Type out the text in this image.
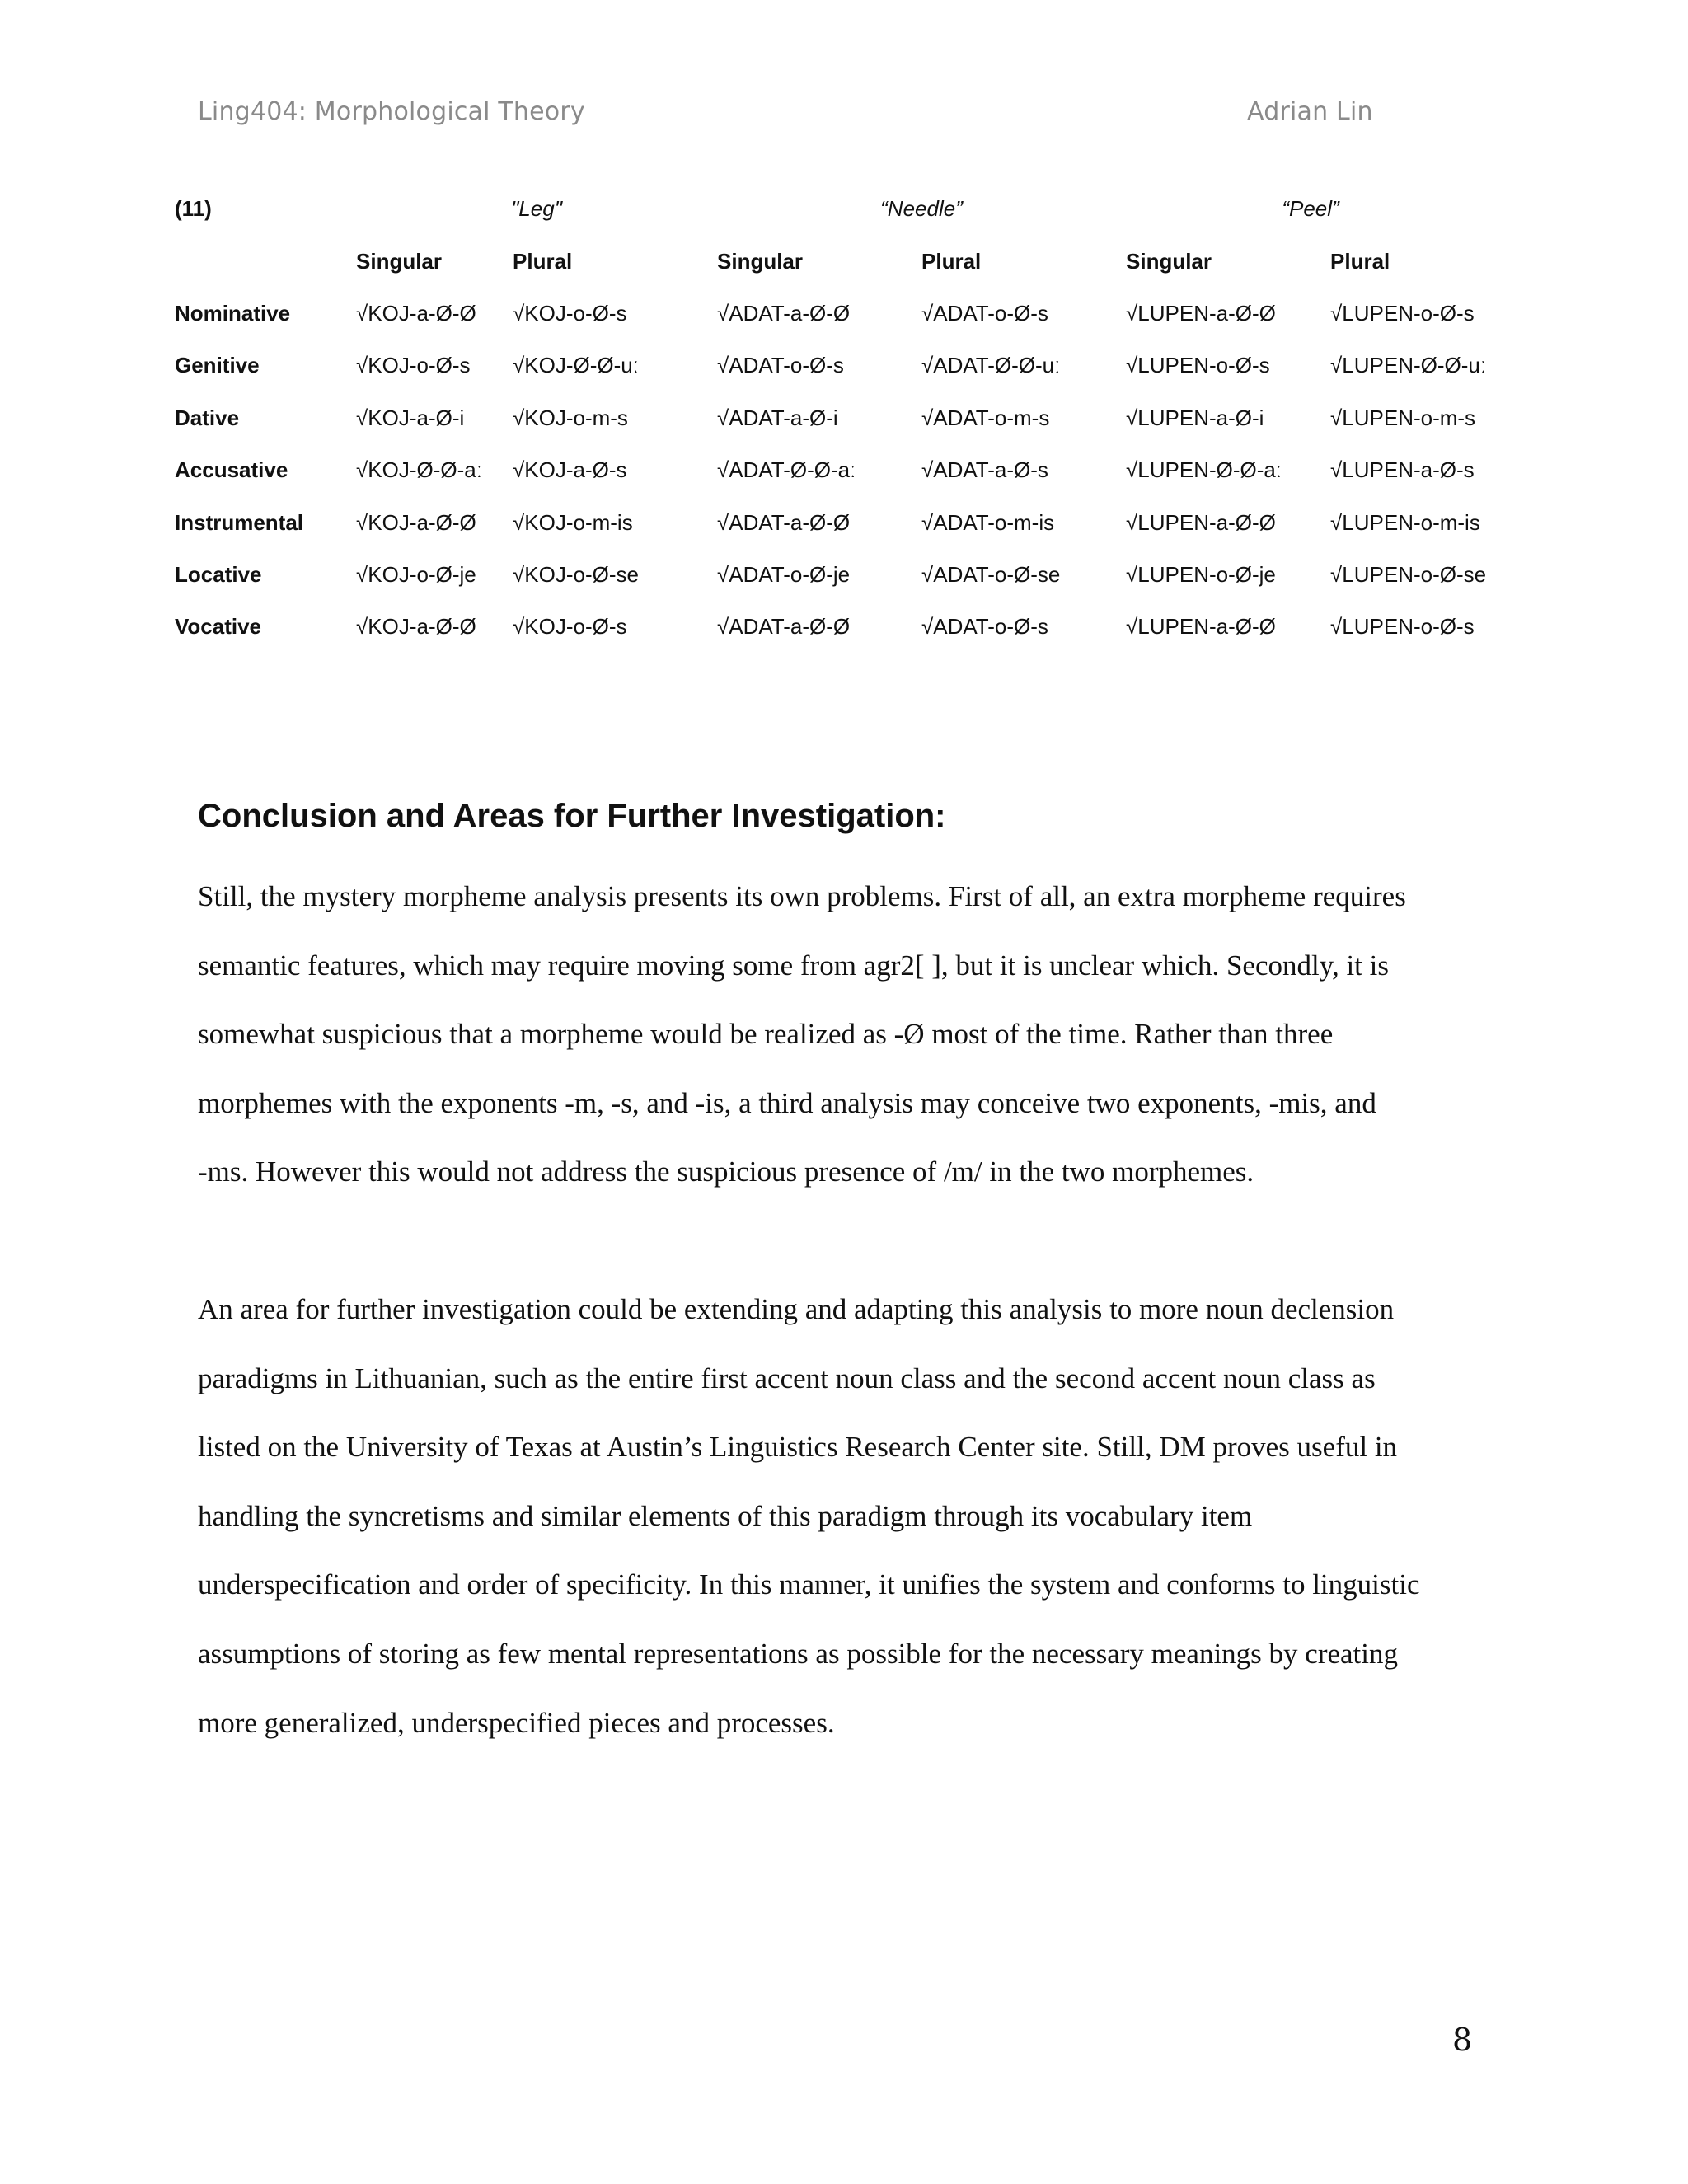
Ling404: Morphological Theory	Adrian Lin
(11)	"Leg"		“Needle”		“Peel”	
	Singular	Plural	Singular	Plural	Singular	Plural
Nominative	√KOJ-a-Ø-Ø	√KOJ-o-Ø-s	√ADAT-a-Ø-Ø	√ADAT-o-Ø-s	√LUPEN-a-Ø-Ø	√LUPEN-o-Ø-s
Genitive	√KOJ-o-Ø-s	√KOJ-Ø-Ø-uː	√ADAT-o-Ø-s	√ADAT-Ø-Ø-uː	√LUPEN-o-Ø-s	√LUPEN-Ø-Ø-uː
Dative	√KOJ-a-Ø-i	√KOJ-o-m-s	√ADAT-a-Ø-i	√ADAT-o-m-s	√LUPEN-a-Ø-i	√LUPEN-o-m-s
Accusative	√KOJ-Ø-Ø-aː	√KOJ-a-Ø-s	√ADAT-Ø-Ø-aː	√ADAT-a-Ø-s	√LUPEN-Ø-Ø-aː	√LUPEN-a-Ø-s
Instrumental	√KOJ-a-Ø-Ø	√KOJ-o-m-is	√ADAT-a-Ø-Ø	√ADAT-o-m-is	√LUPEN-a-Ø-Ø	√LUPEN-o-m-is
Locative	√KOJ-o-Ø-je	√KOJ-o-Ø-se	√ADAT-o-Ø-je	√ADAT-o-Ø-se	√LUPEN-o-Ø-je	√LUPEN-o-Ø-se
Vocative	√KOJ-a-Ø-Ø	√KOJ-o-Ø-s	√ADAT-a-Ø-Ø	√ADAT-o-Ø-s	√LUPEN-a-Ø-Ø	√LUPEN-o-Ø-s
Conclusion and Areas for Further Investigation:

Still, the mystery morpheme analysis presents its own problems. First of all, an extra morpheme requires

semantic features, which may require moving some from agr2[ ], but it is unclear which. Secondly, it is

somewhat suspicious that a morpheme would be realized as -Ø most of the time. Rather than three

morphemes with the exponents -m, -s, and -is, a third analysis may conceive two exponents, -mis, and

-ms. However this would not address the suspicious presence of /m/ in the two morphemes.

An area for further investigation could be extending and adapting this analysis to more noun declension

paradigms in Lithuanian, such as the entire first accent noun class and the second accent noun class as

listed on the University of Texas at Austin’s Linguistics Research Center site. Still, DM proves useful in

handling the syncretisms and similar elements of this paradigm through its vocabulary item

underspecification and order of specificity. In this manner, it unifies the system and conforms to linguistic

assumptions of storing as few mental representations as possible for the necessary meanings by creating

more generalized, underspecified pieces and processes.

8
